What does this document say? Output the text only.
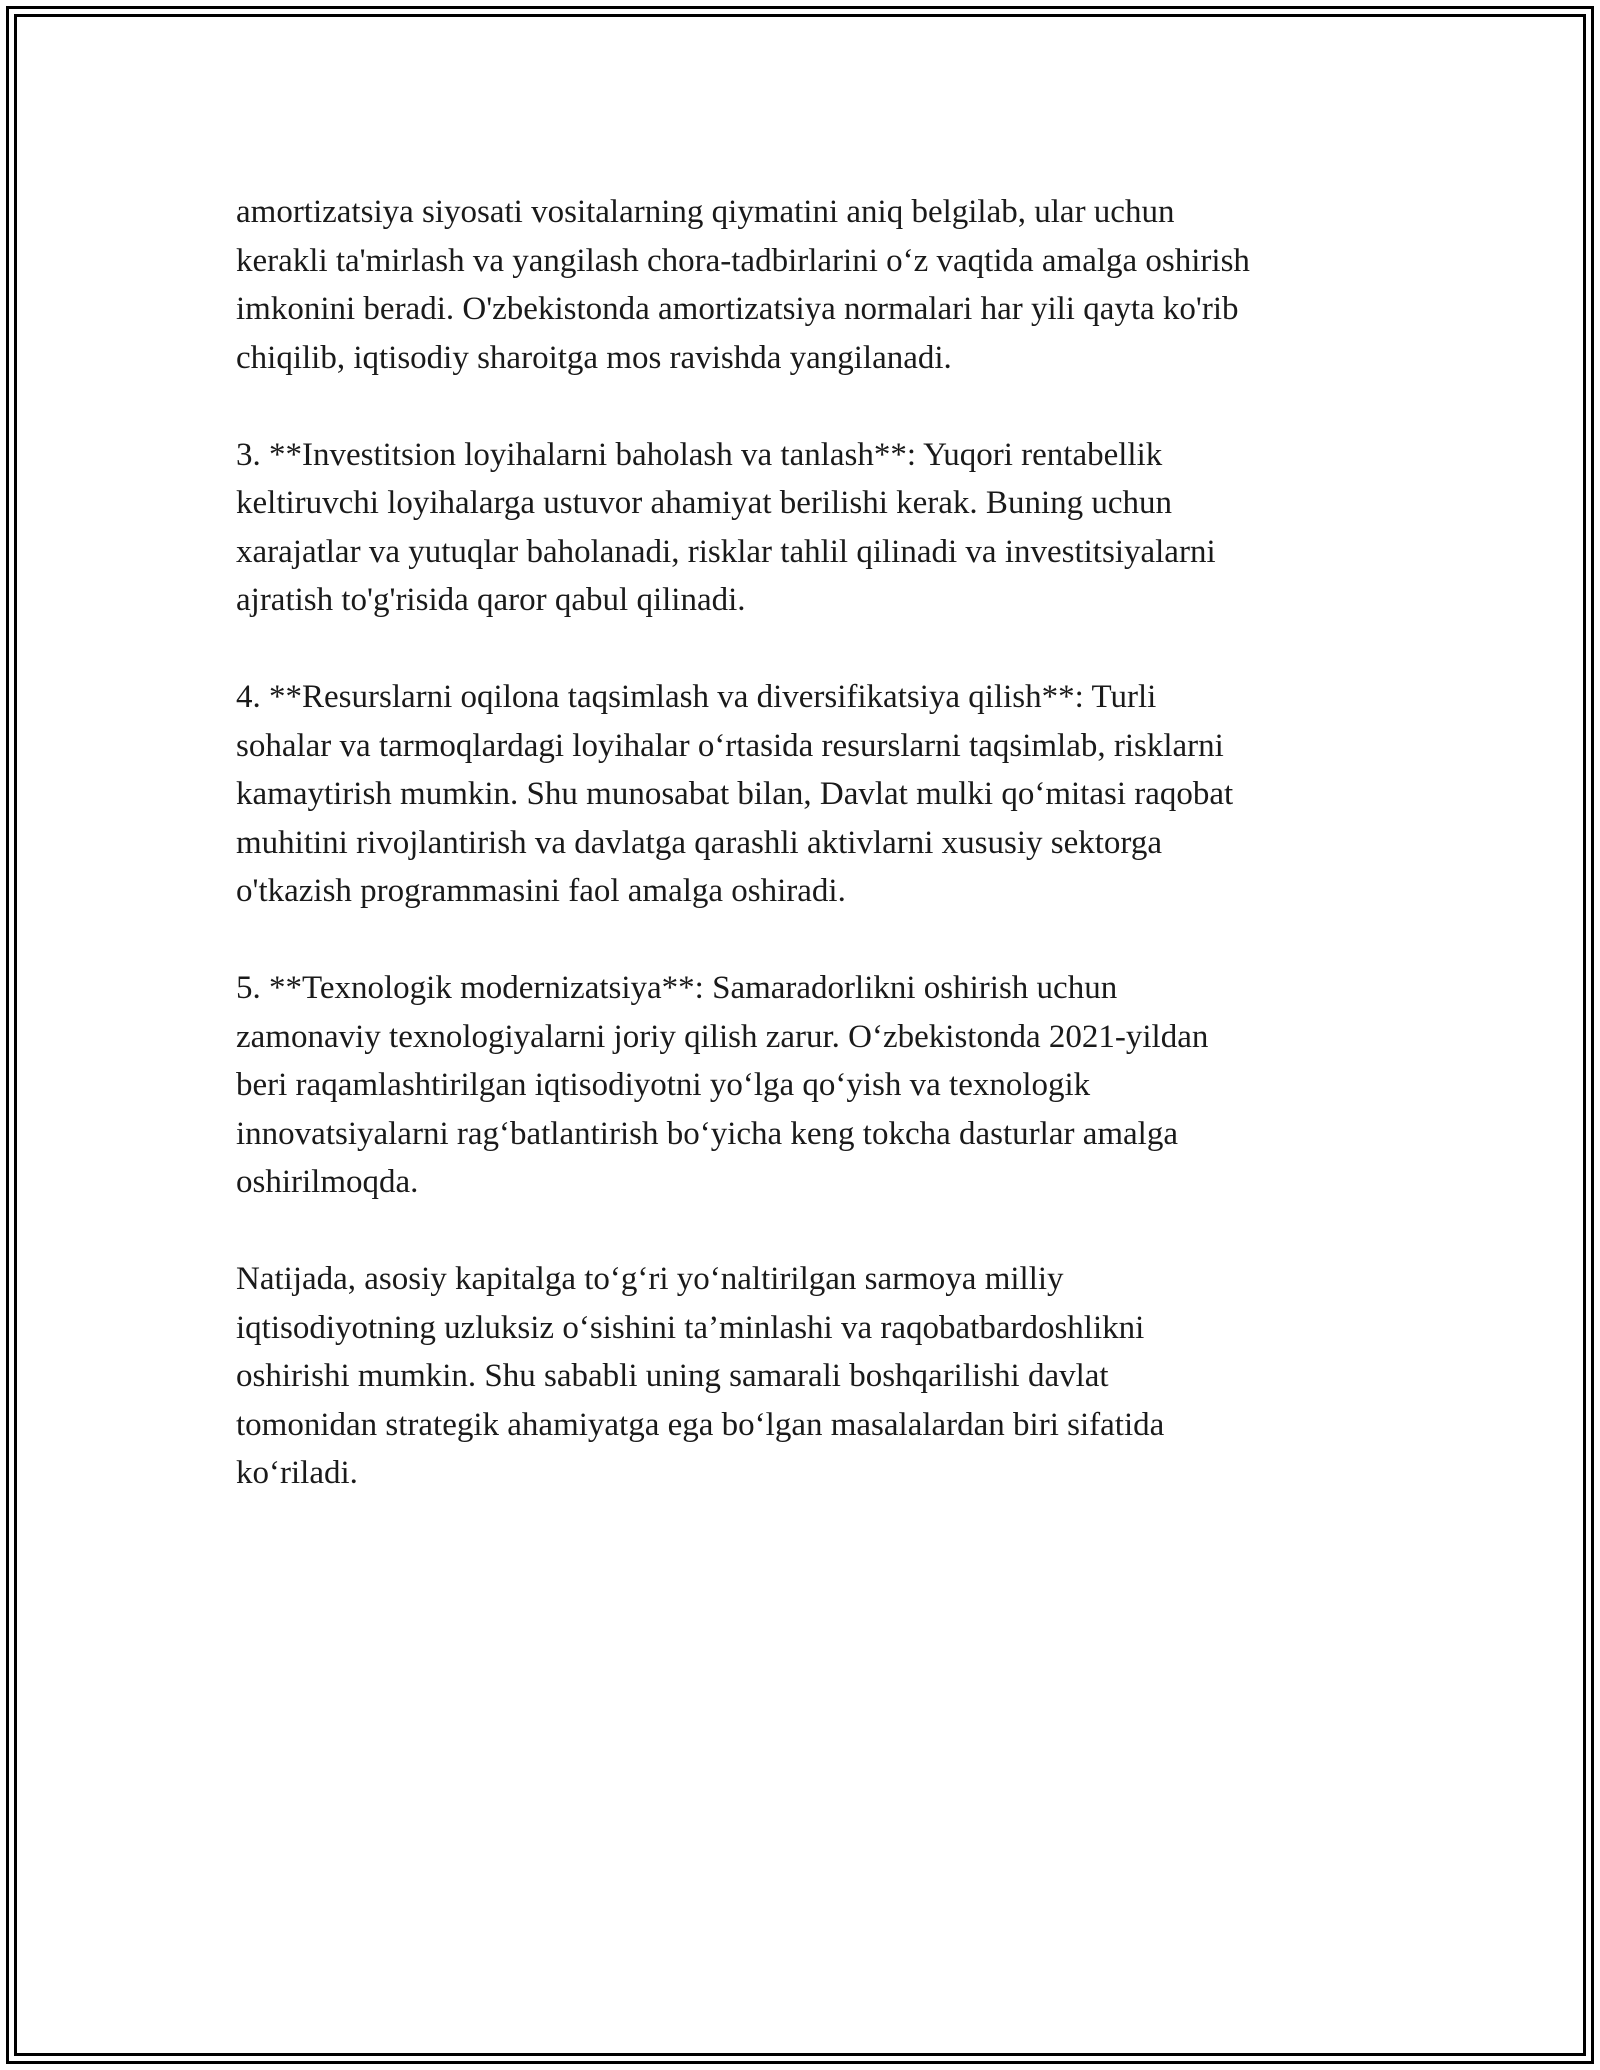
amortizatsiya siyosati vositalarning qiymatini aniq belgilab, ular uchun
kerakli ta'mirlash va yangilash chora-tadbirlarini o‘z vaqtida amalga oshirish
imkonini beradi. O'zbekistonda amortizatsiya normalari har yili qayta ko'rib
chiqilib, iqtisodiy sharoitga mos ravishda yangilanadi.

3. **Investitsion loyihalarni baholash va tanlash**: Yuqori rentabellik
keltiruvchi loyihalarga ustuvor ahamiyat berilishi kerak. Buning uchun
xarajatlar va yutuqlar baholanadi, risklar tahlil qilinadi va investitsiyalarni
ajratish to'g'risida qaror qabul qilinadi.

4. **Resurslarni oqilona taqsimlash va diversifikatsiya qilish**: Turli
sohalar va tarmoqlardagi loyihalar o‘rtasida resurslarni taqsimlab, risklarni
kamaytirish mumkin. Shu munosabat bilan, Davlat mulki qo‘mitasi raqobat
muhitini rivojlantirish va davlatga qarashli aktivlarni xususiy sektorga
o'tkazish programmasini faol amalga oshiradi.

5. **Texnologik modernizatsiya**: Samaradorlikni oshirish uchun
zamonaviy texnologiyalarni joriy qilish zarur. O‘zbekistonda 2021-yildan
beri raqamlashtirilgan iqtisodiyotni yo‘lga qo‘yish va texnologik
innovatsiyalarni rag‘batlantirish bo‘yicha keng tokcha dasturlar amalga
oshirilmoqda.

Natijada, asosiy kapitalga to‘g‘ri yo‘naltirilgan sarmoya milliy
iqtisodiyotning uzluksiz o‘sishini ta’minlashi va raqobatbardoshlikni
oshirishi mumkin. Shu sababli uning samarali boshqarilishi davlat
tomonidan strategik ahamiyatga ega bo‘lgan masalalardan biri sifatida
ko‘riladi.
